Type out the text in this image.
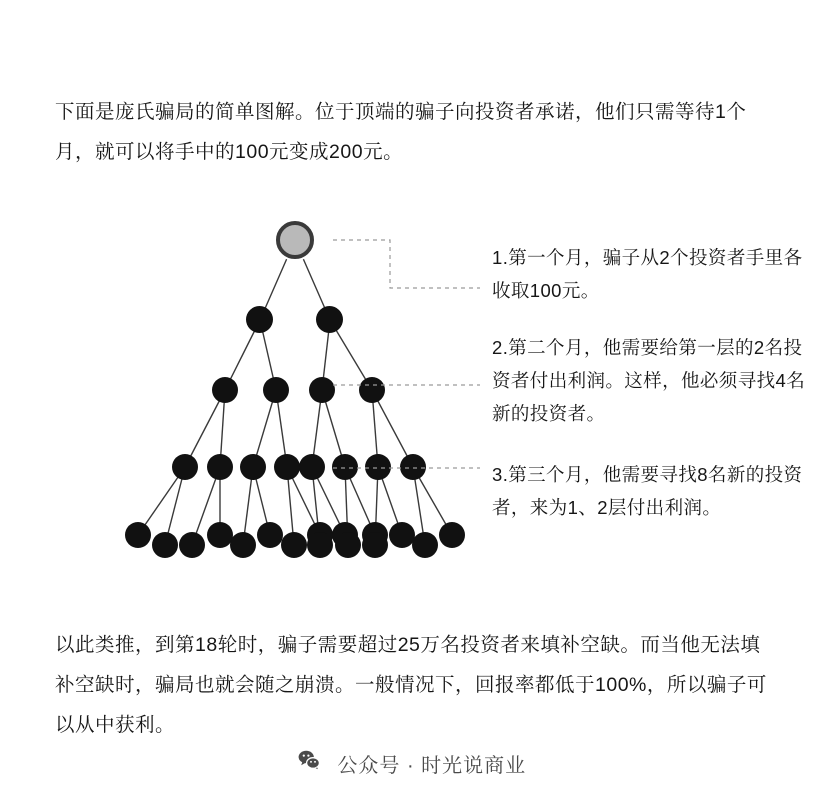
下面是庞氏骗局的简单图解。位于顶端的骗子向投资者承诺，他们只需等待1个月，就可以将手中的100元变成200元。

1.第一个月，骗子从2个投资者手里各收取100元。

2.第二个月，他需要给第一层的2名投资者付出利润。这样，他必须寻找4名新的投资者。

3.第三个月，他需要寻找8名新的投资者，来为1、2层付出利润。

以此类推，到第18轮时，骗子需要超过25万名投资者来填补空缺。而当他无法填补空缺时，骗局也就会随之崩溃。一般情况下，回报率都低于100%，所以骗子可以从中获利。

公众号 · 时光说商业
